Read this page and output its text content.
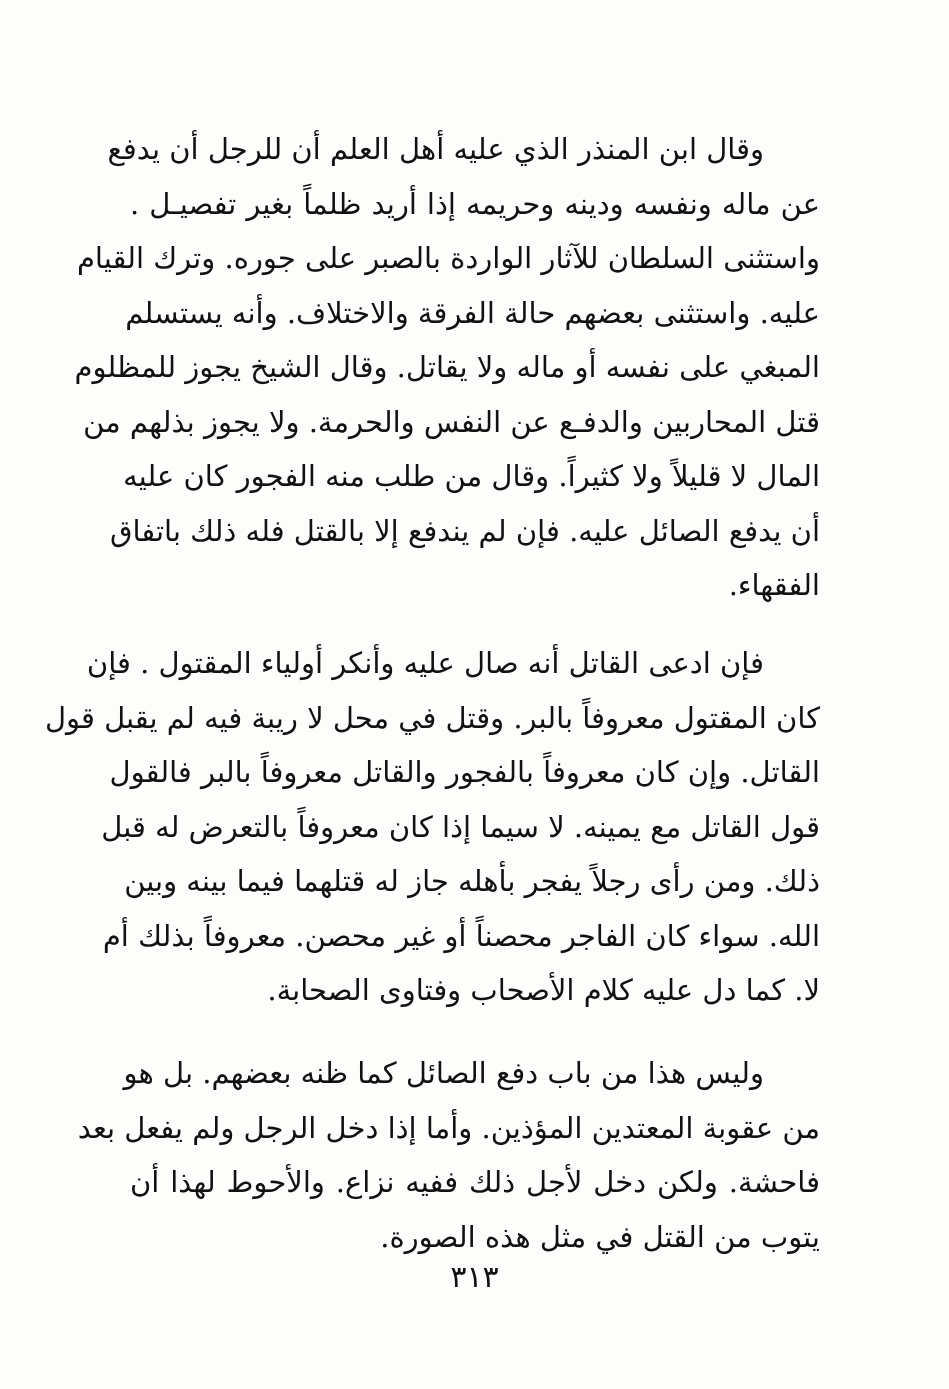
وقال ابن المنذر الذي عليه أهل العلم أن للرجل أن يدفع
عن ماله ونفسه ودينه وحريمه إذا أريد ظلماً بغير تفصيـل .
واستثنى السلطان للآثار الواردة بالصبر على جوره. وترك القيام
عليه. واستثنى بعضهم حالة الفرقة والاختلاف. وأنه يستسلم
المبغي على نفسه أو ماله ولا يقاتل. وقال الشيخ يجوز للمظلوم
قتل المحاربين والدفـع عن النفس والحرمة. ولا يجوز بذلهم من
المال لا قليلاً ولا كثيراً. وقال من طلب منه الفجور كان عليه
أن يدفع الصائل عليه. فإن لم يندفع إلا بالقتل فله ذلك باتفاق
الفقهاء.
فإن ادعى القاتل أنه صال عليه وأنكر أولياء المقتول . فإن
كان المقتول معروفاً بالبر. وقتل في محل لا ريبة فيه لم يقبل قول
القاتل. وإن كان معروفاً بالفجور والقاتل معروفاً بالبر فالقول
قول القاتل مع يمينه. لا سيما إذا كان معروفاً بالتعرض له قبل
ذلك. ومن رأى رجلاً يفجر بأهله جاز له قتلهما فيما بينه وبين
الله. سواء كان الفاجر محصناً أو غير محصن. معروفاً بذلك أم
لا. كما دل عليه كلام الأصحاب وفتاوى الصحابة.
وليس هذا من باب دفع الصائل كما ظنه بعضهم. بل هو
من عقوبة المعتدين المؤذين. وأما إذا دخل الرجل ولم يفعل بعد
فاحشة. ولكن دخل لأجل ذلك ففيه نزاع. والأحوط لهذا أن
يتوب من القتل في مثل هذه الصورة.
٣١٣
